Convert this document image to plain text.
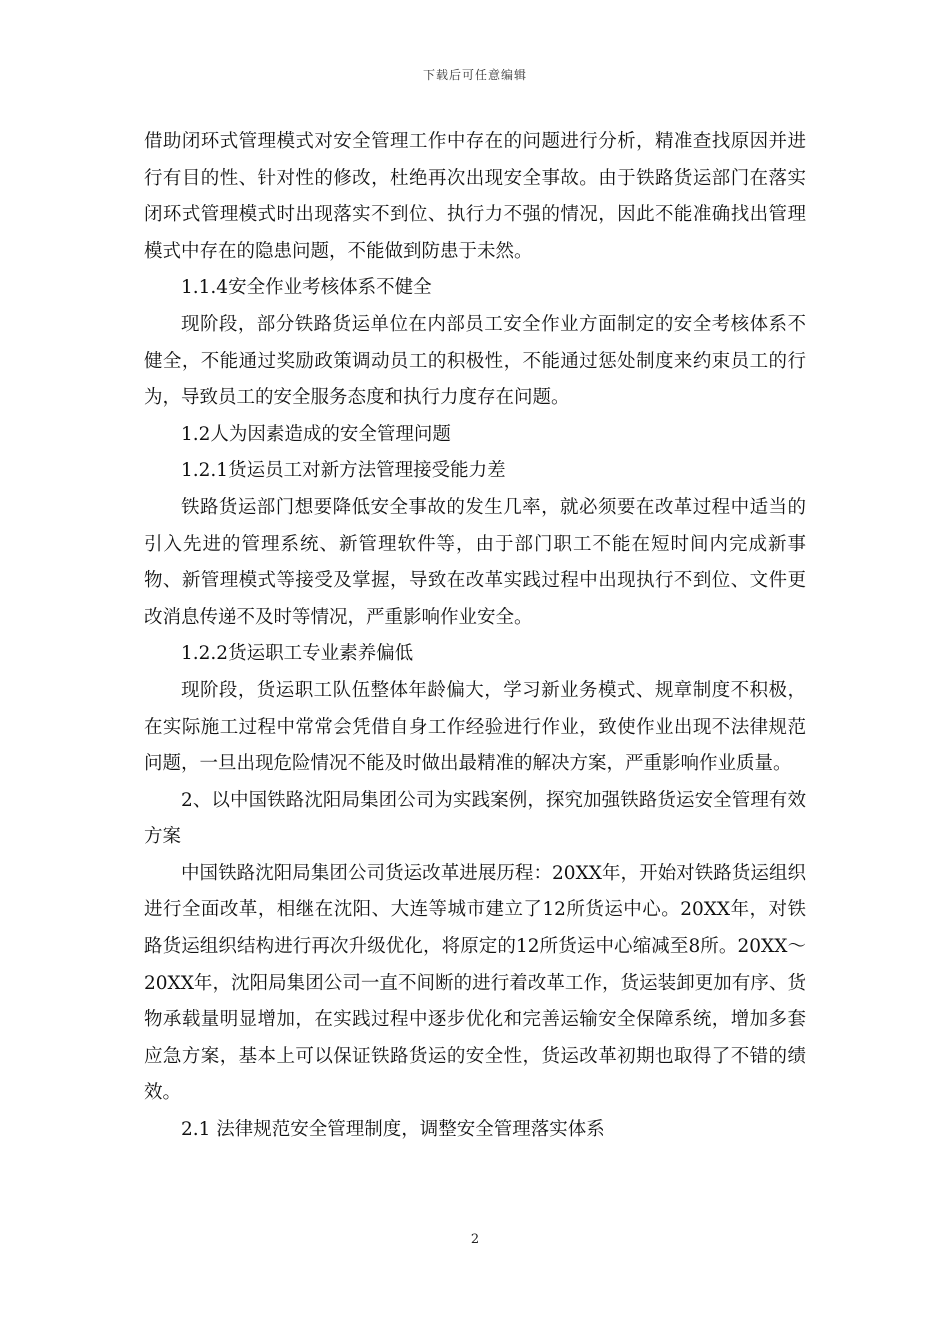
下载后可任意编辑

借助闭环式管理模式对安全管理工作中存在的问题进行分析，精准查找原因并进行有目的性、针对性的修改，杜绝再次出现安全事故。由于铁路货运部门在落实闭环式管理模式时出现落实不到位、执行力不强的情况，因此不能准确找出管理模式中存在的隐患问题，不能做到防患于未然。

1.1.4安全作业考核体系不健全

现阶段，部分铁路货运单位在内部员工安全作业方面制定的安全考核体系不健全，不能通过奖励政策调动员工的积极性，不能通过惩处制度来约束员工的行为，导致员工的安全服务态度和执行力度存在问题。

1.2人为因素造成的安全管理问题

1.2.1货运员工对新方法管理接受能力差

铁路货运部门想要降低安全事故的发生几率，就必须要在改革过程中适当的引入先进的管理系统、新管理软件等，由于部门职工不能在短时间内完成新事物、新管理模式等接受及掌握，导致在改革实践过程中出现执行不到位、文件更改消息传递不及时等情况，严重影响作业安全。

1.2.2货运职工专业素养偏低

现阶段，货运职工队伍整体年龄偏大，学习新业务模式、规章制度不积极，在实际施工过程中常常会凭借自身工作经验进行作业，致使作业出现不法律规范问题，一旦出现危险情况不能及时做出最精准的解决方案，严重影响作业质量。

2、以中国铁路沈阳局集团公司为实践案例，探究加强铁路货运安全管理有效方案

中国铁路沈阳局集团公司货运改革进展历程：20XX年，开始对铁路货运组织进行全面改革，相继在沈阳、大连等城市建立了12所货运中心。20XX年，对铁路货运组织结构进行再次升级优化，将原定的12所货运中心缩减至8所。20XX～20XX年，沈阳局集团公司一直不间断的进行着改革工作，货运装卸更加有序、货物承载量明显增加，在实践过程中逐步优化和完善运输安全保障系统，增加多套应急方案，基本上可以保证铁路货运的安全性，货运改革初期也取得了不错的绩效。

2.1 法律规范安全管理制度，调整安全管理落实体系

2
